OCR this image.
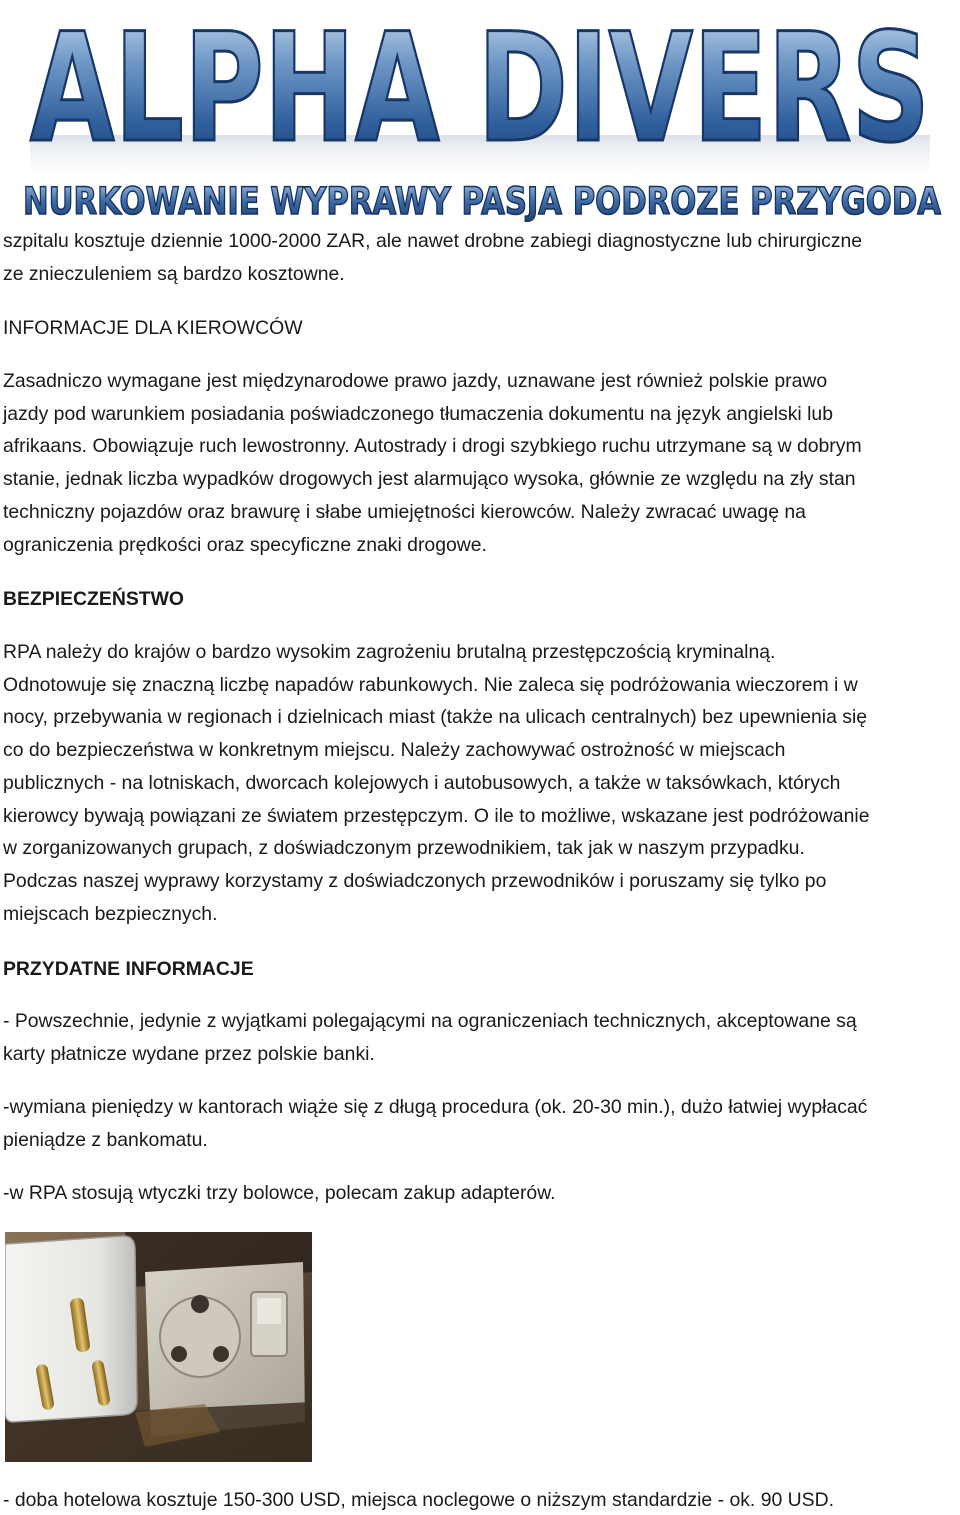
ALPHA DIVERS
NURKOWANIE WYPRAWY PASJA PODROZE PRZYGODA
szpitalu kosztuje dziennie 1000-2000 ZAR, ale nawet drobne zabiegi diagnostyczne lub chirurgiczne
ze znieczuleniem są bardzo kosztowne.
INFORMACJE DLA KIEROWCÓW
Zasadniczo wymagane jest międzynarodowe prawo jazdy, uznawane jest również polskie prawo
jazdy pod warunkiem posiadania poświadczonego tłumaczenia dokumentu na język angielski lub
afrikaans. Obowiązuje ruch lewostronny. Autostrady i drogi szybkiego ruchu utrzymane są w dobrym
stanie, jednak liczba wypadków drogowych jest alarmująco wysoka, głównie ze względu na zły stan
techniczny pojazdów oraz brawurę i słabe umiejętności kierowców. Należy zwracać uwagę na
ograniczenia prędkości oraz specyficzne znaki drogowe.
BEZPIECZEŃSTWO
RPA należy do krajów o bardzo wysokim zagrożeniu brutalną przestępczością kryminalną.
Odnotowuje się znaczną liczbę napadów rabunkowych. Nie zaleca się podróżowania wieczorem i w
nocy, przebywania w regionach i dzielnicach miast (także na ulicach centralnych) bez upewnienia się
co do bezpieczeństwa w konkretnym miejscu. Należy zachowywać ostrożność w miejscach
publicznych - na lotniskach, dworcach kolejowych i autobusowych, a także w taksówkach, których
kierowcy bywają powiązani ze światem przestępczym. O ile to możliwe, wskazane jest podróżowanie
w zorganizowanych grupach, z doświadczonym przewodnikiem, tak jak w naszym przypadku.
Podczas naszej wyprawy korzystamy z doświadczonych przewodników i poruszamy się tylko po
miejscach bezpiecznych.
PRZYDATNE INFORMACJE
- Powszechnie, jedynie z wyjątkami polegającymi na ograniczeniach technicznych, akceptowane są
karty płatnicze wydane przez polskie banki.
-wymiana pieniędzy w kantorach wiąże się z długą procedura (ok. 20-30 min.), dużo łatwiej wypłacać
pieniądze z bankomatu.
-w RPA stosują wtyczki trzy bolowce, polecam zakup adapterów.
- doba hotelowa kosztuje 150-300 USD, miejsca noclegowe o niższym standardzie - ok. 90 USD.
